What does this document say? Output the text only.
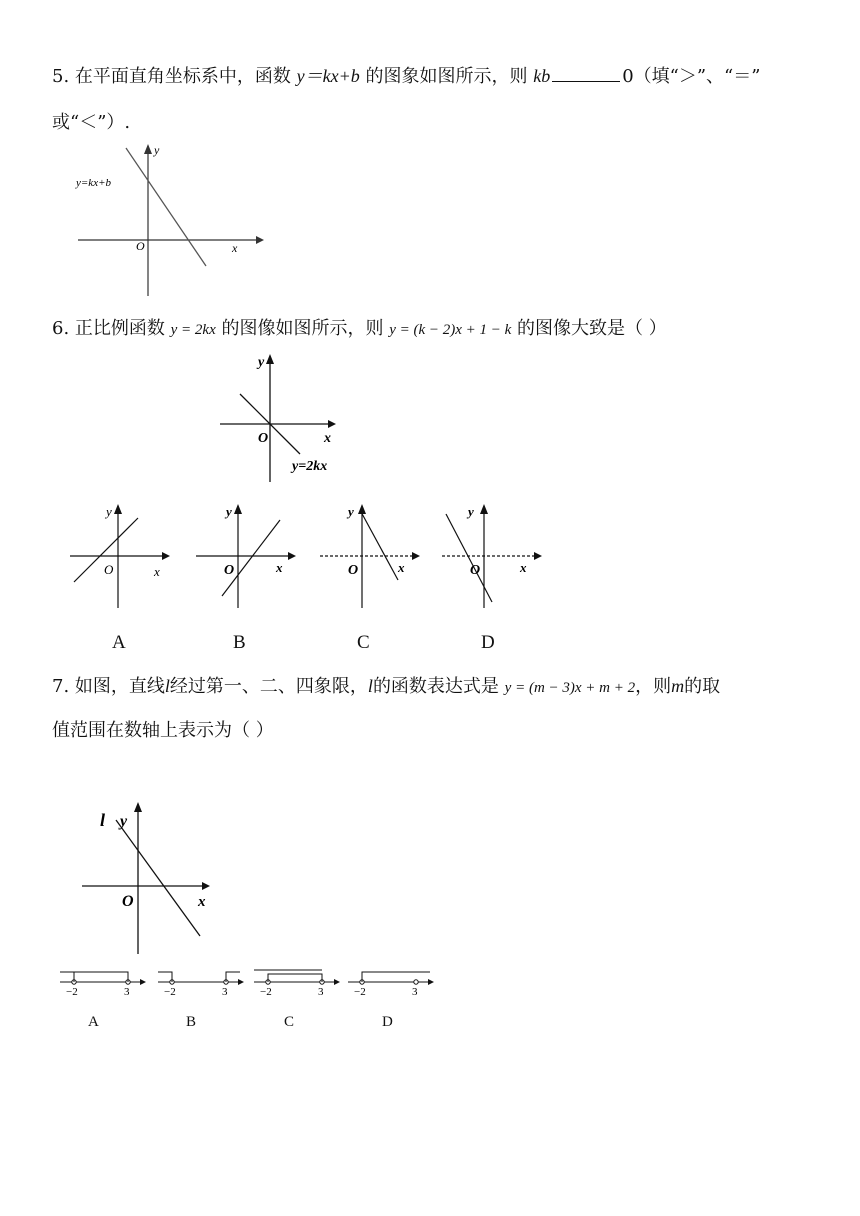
5. 在平面直角坐标系中，函数 y＝kx+b 的图象如图所示，则 kb	0（填“＞”、“＝”
或“＜”）.
y
x
O
y=kx+b
6. 正比例函数 y = 2kx 的图像如图所示，则 y = (k − 2)x + 1 − k 的图像大致是（ ）
y
x
O
y=2kx
y
x
O
y
x
O
y
x
O
y
x
O
A	B	C	D
7. 如图，直线l经过第一、二、四象限，l的函数表达式是 y = (m − 3)x + m + 2，则m的取
值范围在数轴上表示为（ ）
y
x
O
l
−2	3	−2	3	−2	3	−2	3
A	B	C	D
